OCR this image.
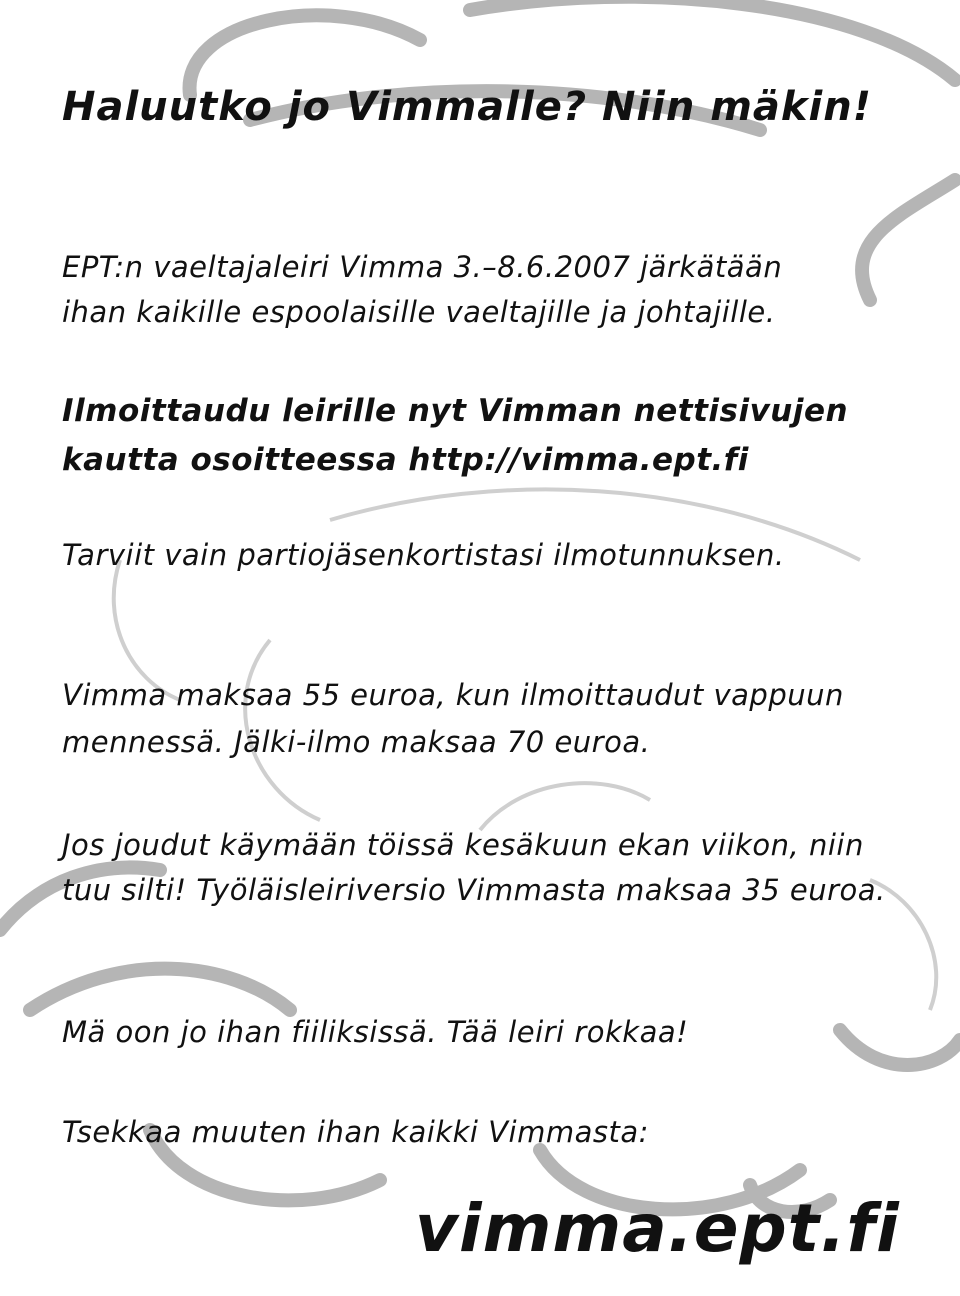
Haluutko jo Vimmalle? Niin mäkin!

EPT:n vaeltajaleiri Vimma 3.–8.6.2007 järkätään

ihan kaikille espoolaisille vaeltajille ja johtajille.

Ilmoittaudu leirille nyt Vimman nettisivujen

kautta osoitteessa http://vimma.ept.fi

Tarviit vain partiojäsenkortistasi ilmotunnuksen.

Vimma maksaa 55 euroa, kun ilmoittaudut vappuun

mennessä. Jälki-ilmo maksaa 70 euroa.

Jos joudut käymään töissä kesäkuun ekan viikon, niin

tuu silti! Työläisleiriversio Vimmasta maksaa 35 euroa.

Mä oon jo ihan fiiliksissä. Tää leiri rokkaa!

Tsekkaa muuten ihan kaikki Vimmasta:

vimma.ept.fi
